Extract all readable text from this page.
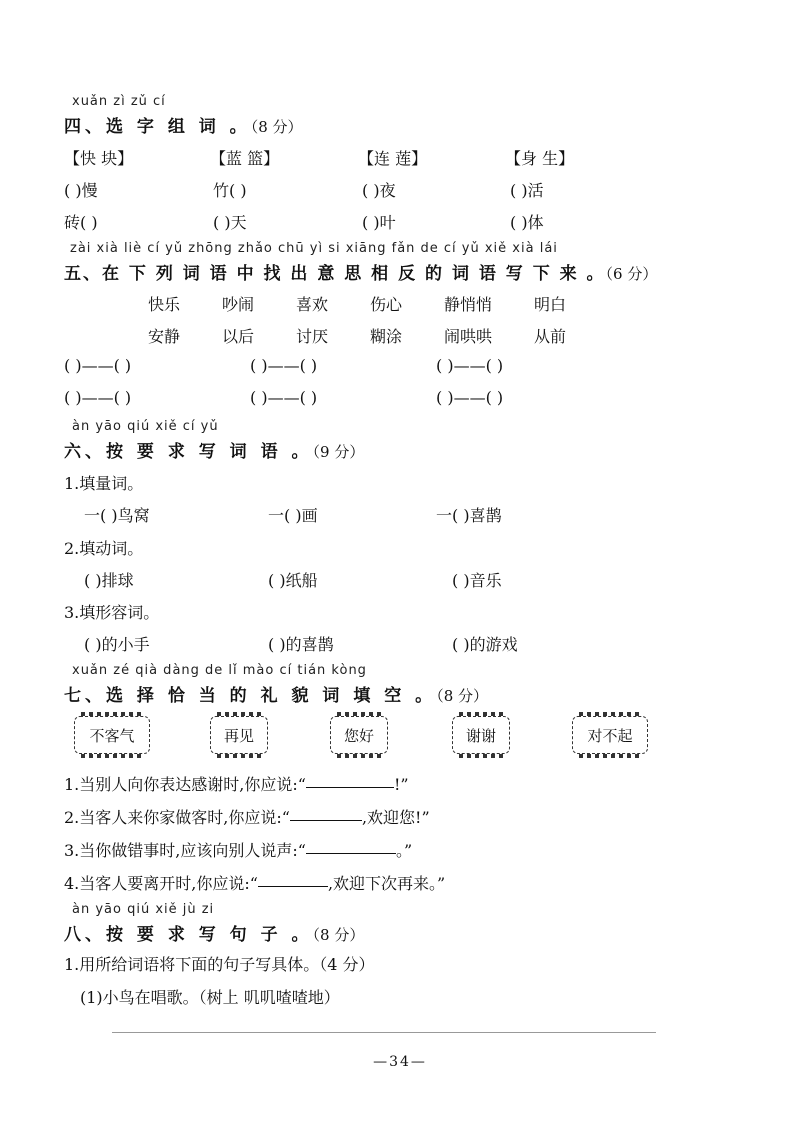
xuǎn zì zǔ cí
四、选 字 组 词 。（8 分）
【快 块】	【蓝 篮】	【连 莲】	【身 生】
( )慢	竹( )	( )夜	( )活
砖( )	( )天	( )叶	( )体
zài xià liè cí yǔ zhōng zhǎo chū yì si xiāng fǎn de cí yǔ xiě xià lái
五、在 下 列 词 语 中 找 出 意 思 相 反 的 词 语 写 下 来 。（6 分）
快乐	吵闹	喜欢	伤心	静悄悄	明白
安静	以后	讨厌	糊涂	闹哄哄	从前
( )——( )	( )——( )	( )——( )
( )——( )	( )——( )	( )——( )
àn yāo qiú xiě cí yǔ
六、按 要 求 写 词 语 。（9 分）
1.填量词。
一( )鸟窝	一( )画	一( )喜鹊
2.填动词。
( )排球	( )纸船	( )音乐
3.填形容词。
( )的小手	( )的喜鹊	( )的游戏
xuǎn zé qià dàng de lǐ mào cí tián kòng
七、选 择 恰 当 的 礼 貌 词 填 空 。（8 分）
不客气	再见	您好	谢谢	对不起
1.当别人向你表达感谢时,你应说:“	!”
2.当客人来你家做客时,你应说:“	,欢迎您!”
3.当你做错事时,应该向别人说声:“	。”
4.当客人要离开时,你应说:“	,欢迎下次再来。”
àn yāo qiú xiě jù zi
八、按 要 求 写 句 子 。（8 分）
1.用所给词语将下面的句子写具体。（4 分）
(1)小鸟在唱歌。（树上 叽叽喳喳地）
—34—
